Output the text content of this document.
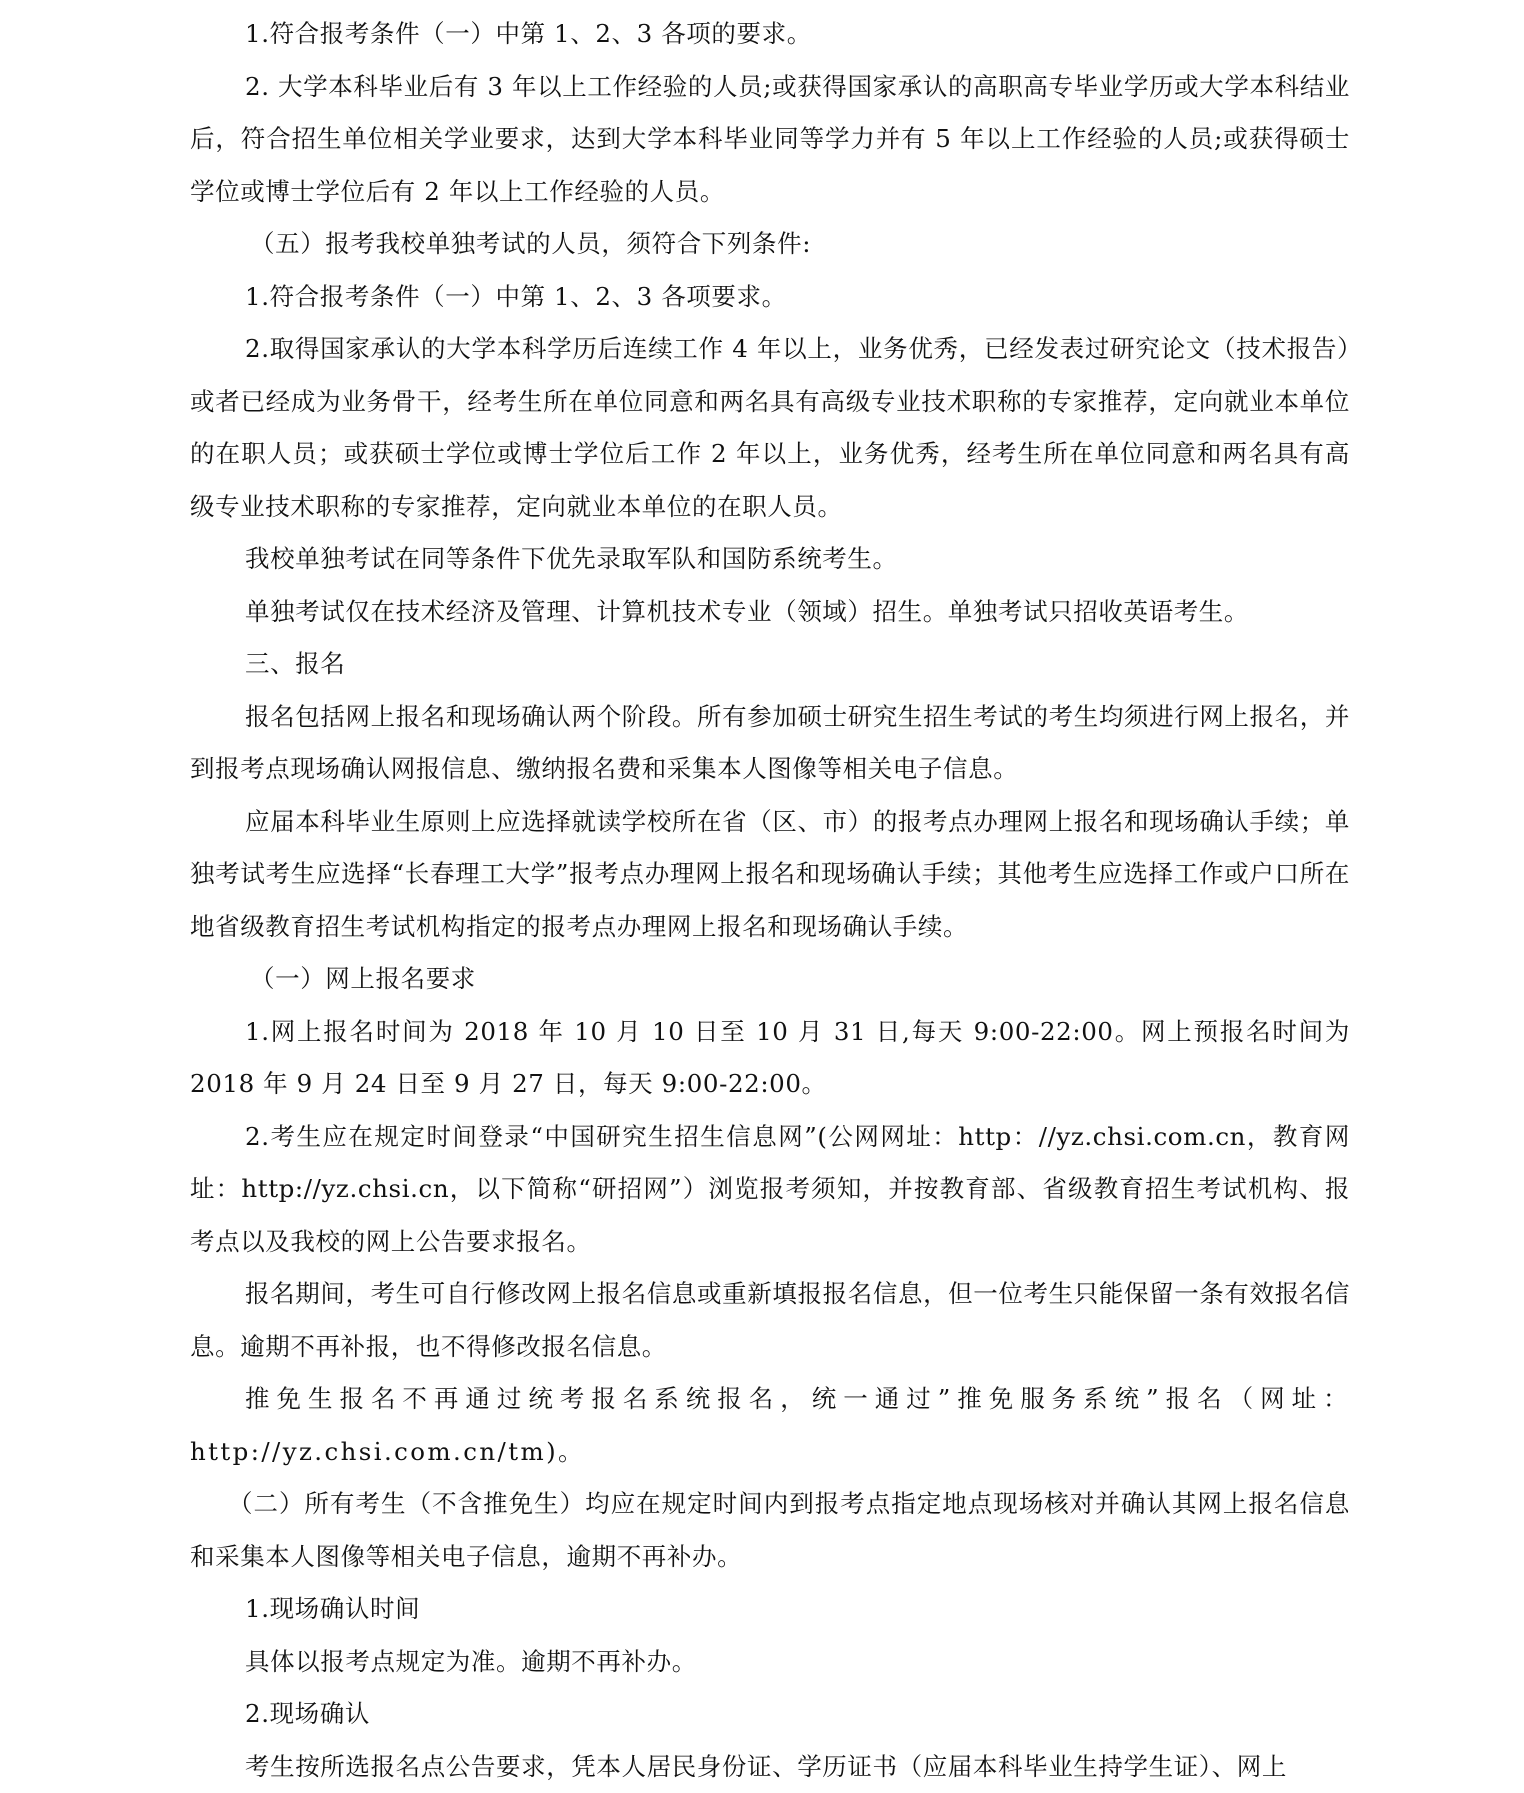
1.符合报考条件（一）中第 1、2、3 各项的要求。

2. 大学本科毕业后有 3 年以上工作经验的人员;或获得国家承认的高职高专毕业学历或大学本科结业后，符合招生单位相关学业要求，达到大学本科毕业同等学力并有 5 年以上工作经验的人员;或获得硕士学位或博士学位后有 2 年以上工作经验的人员。

（五）报考我校单独考试的人员，须符合下列条件:

1.符合报考条件（一）中第 1、2、3 各项要求。

2.取得国家承认的大学本科学历后连续工作 4 年以上，业务优秀，已经发表过研究论文（技术报告）或者已经成为业务骨干，经考生所在单位同意和两名具有高级专业技术职称的专家推荐，定向就业本单位的在职人员；或获硕士学位或博士学位后工作 2 年以上，业务优秀，经考生所在单位同意和两名具有高级专业技术职称的专家推荐，定向就业本单位的在职人员。

我校单独考试在同等条件下优先录取军队和国防系统考生。

单独考试仅在技术经济及管理、计算机技术专业（领域）招生。单独考试只招收英语考生。

三、报名

报名包括网上报名和现场确认两个阶段。所有参加硕士研究生招生考试的考生均须进行网上报名，并到报考点现场确认网报信息、缴纳报名费和采集本人图像等相关电子信息。

应届本科毕业生原则上应选择就读学校所在省（区、市）的报考点办理网上报名和现场确认手续；单独考试考生应选择“长春理工大学”报考点办理网上报名和现场确认手续；其他考生应选择工作或户口所在地省级教育招生考试机构指定的报考点办理网上报名和现场确认手续。

（一）网上报名要求

1.网上报名时间为 2018 年 10 月 10 日至 10 月 31 日,每天 9:00-22:00。网上预报名时间为 2018 年 9 月 24 日至 9 月 27 日，每天 9:00-22:00。

2.考生应在规定时间登录“中国研究生招生信息网”(公网网址：http：//yz.chsi.com.cn，教育网址：http://yz.chsi.cn，以下简称“研招网”）浏览报考须知，并按教育部、省级教育招生考试机构、报考点以及我校的网上公告要求报名。

报名期间，考生可自行修改网上报名信息或重新填报报名信息，但一位考生只能保留一条有效报名信息。逾期不再补报，也不得修改报名信息。

推免生报名不再通过统考报名系统报名，统一通过”推免服务系统”报名（网址：http://yz.chsi.com.cn/tm)。

（二）所有考生（不含推免生）均应在规定时间内到报考点指定地点现场核对并确认其网上报名信息和采集本人图像等相关电子信息，逾期不再补办。

1.现场确认时间

具体以报考点规定为准。逾期不再补办。

2.现场确认

考生按所选报名点公告要求，凭本人居民身份证、学历证书（应届本科毕业生持学生证）、网上
